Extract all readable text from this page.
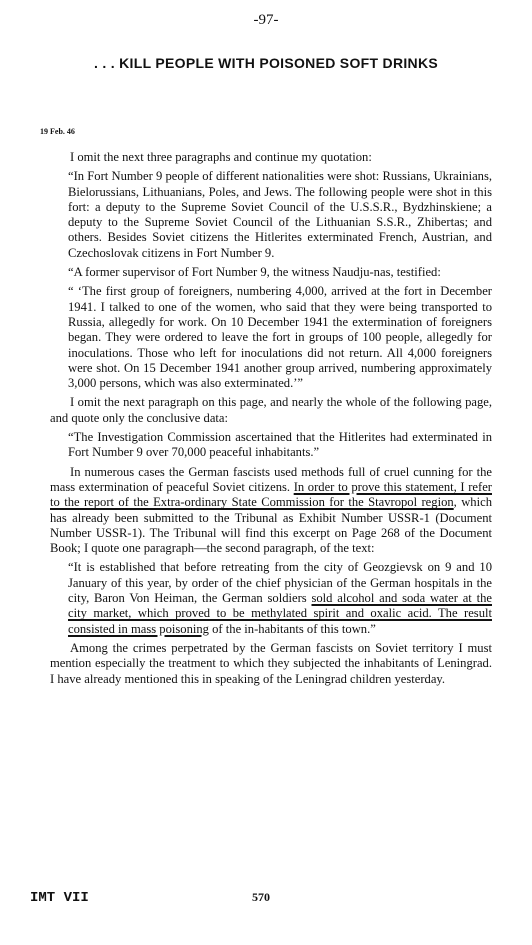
-97-
. . . KILL PEOPLE WITH POISONED SOFT DRINKS
19 Feb. 46

I omit the next three paragraphs and continue my quotation:

“In Fort Number 9 people of different nationalities were shot: Russians, Ukrainians, Bielorussians, Lithuanians, Poles, and Jews. The following people were shot in this fort: a deputy to the Supreme Soviet Council of the U.S.S.R., Bydzhinskiene; a deputy to the Supreme Soviet Council of the Lithuanian S.S.R., Zhibertas; and others. Besides Soviet citizens the Hitlerites exterminated French, Austrian, and Czechoslovak citizens in Fort Number 9.

“A former supervisor of Fort Number 9, the witness Naudju-nas, testified:

“ ‘The first group of foreigners, numbering 4,000, arrived at the fort in December 1941. I talked to one of the women, who said that they were being transported to Russia, allegedly for work. On 10 December 1941 the extermination of foreigners began. They were ordered to leave the fort in groups of 100 people, allegedly for inoculations. Those who left for inoculations did not return. All 4,000 foreigners were shot. On 15 December 1941 another group arrived, numbering approximately 3,000 persons, which was also exterminated.’”

I omit the next paragraph on this page, and nearly the whole of the following page, and quote only the conclusive data:

“The Investigation Commission ascertained that the Hitlerites had exterminated in Fort Number 9 over 70,000 peaceful inhabitants.”

In numerous cases the German fascists used methods full of cruel cunning for the mass extermination of peaceful Soviet citizens. In order to prove this statement, I refer to the report of the Extra-ordinary State Commission for the Stavropol region, which has already been submitted to the Tribunal as Exhibit Number USSR-1 (Document Number USSR-1). The Tribunal will find this excerpt on Page 268 of the Document Book; I quote one paragraph—the second paragraph, of the text:

“It is established that before retreating from the city of Geozgievsk on 9 and 10 January of this year, by order of the chief physician of the German hospitals in the city, Baron Von Heiman, the German soldiers sold alcohol and soda water at the city market, which proved to be methylated spirit and oxalic acid. The result consisted in mass poisoning of the in-habitants of this town.”

Among the crimes perpetrated by the German fascists on Soviet territory I must mention especially the treatment to which they subjected the inhabitants of Leningrad. I have already mentioned this in speaking of the Leningrad children yesterday.

IMT VII	570
